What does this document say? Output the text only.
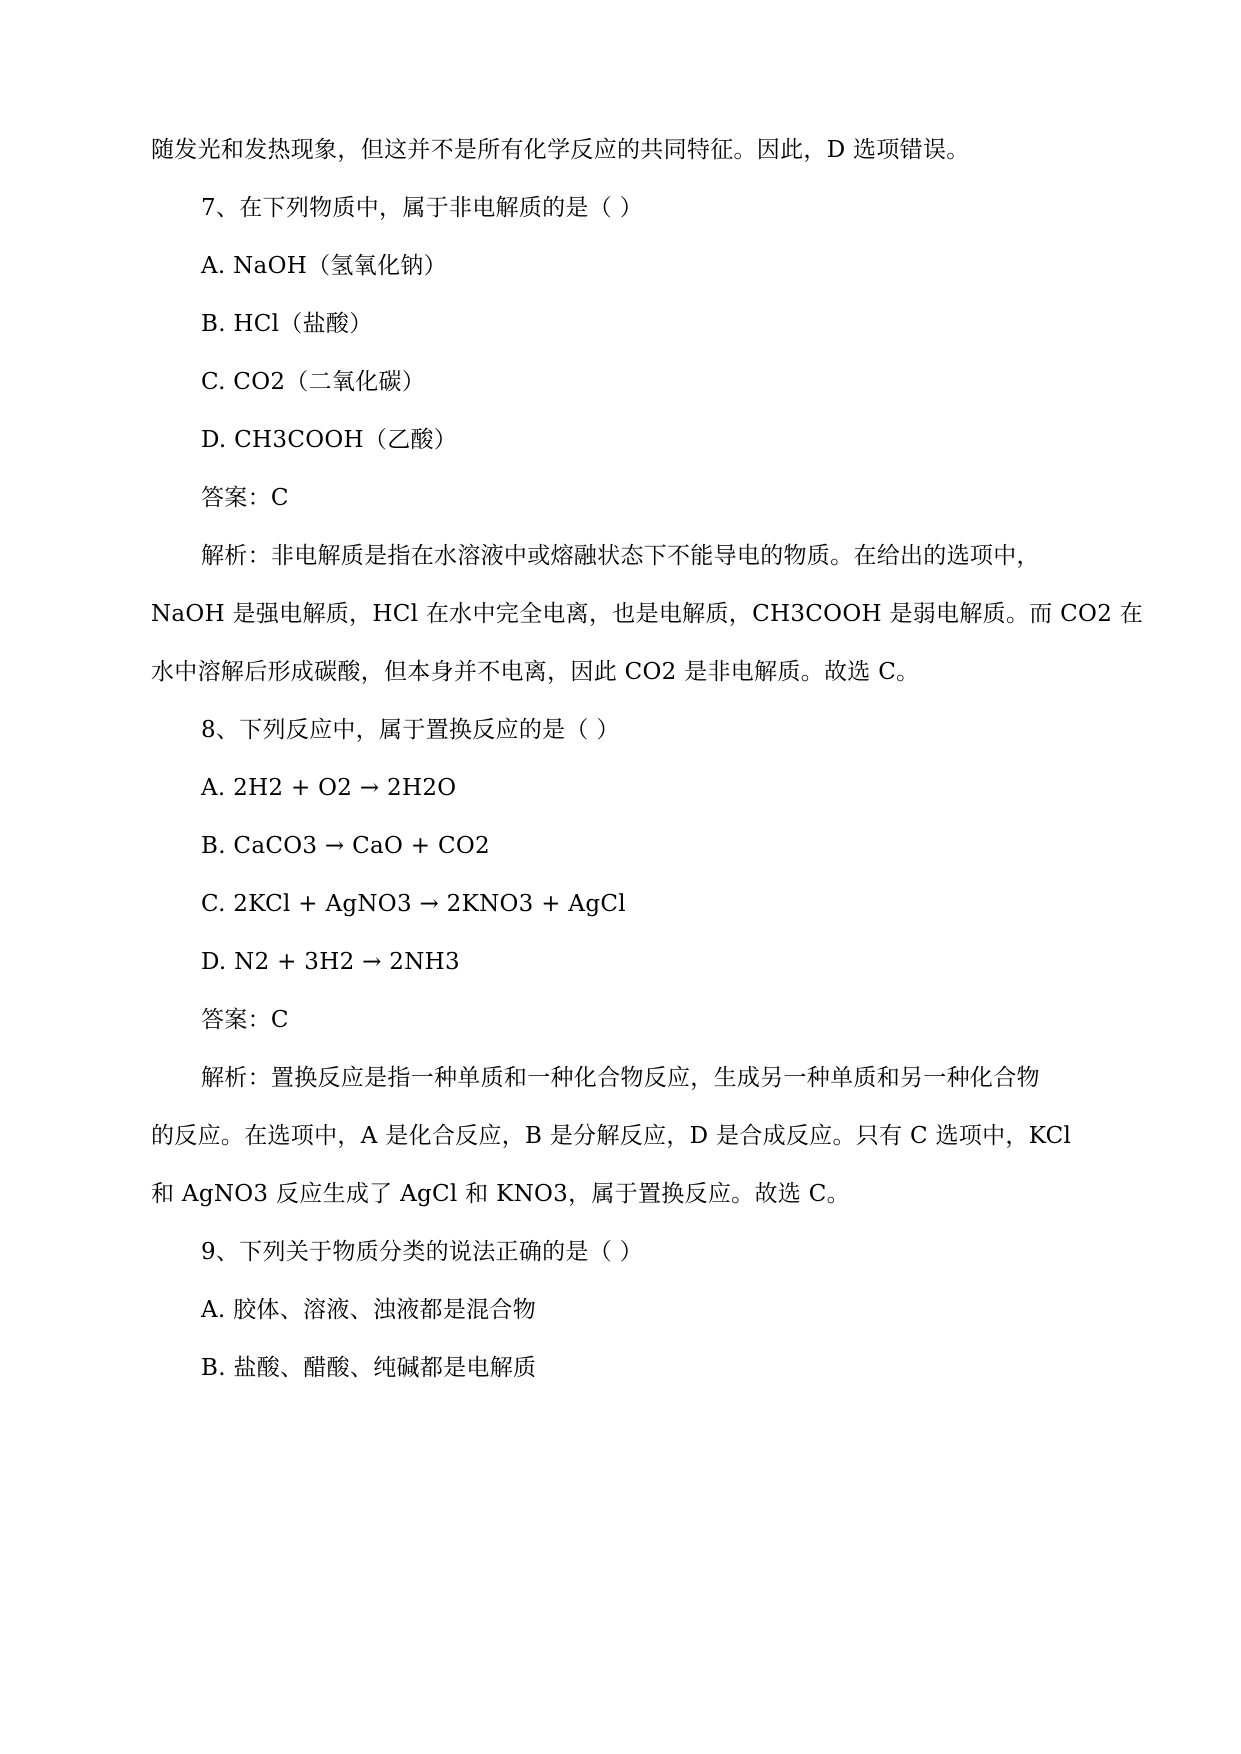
随发光和发热现象，但这并不是所有化学反应的共同特征。因此，D 选项错误。
7、在下列物质中，属于非电解质的是（ ）
A. NaOH（氢氧化钠）
B. HCl（盐酸）
C. CO2（二氧化碳）
D. CH3COOH（乙酸）
答案：C
解析：非电解质是指在水溶液中或熔融状态下不能导电的物质。在给出的选项中，
NaOH 是强电解质，HCl 在水中完全电离，也是电解质，CH3COOH 是弱电解质。而 CO2 在
水中溶解后形成碳酸，但本身并不电离，因此 CO2 是非电解质。故选 C。
8、下列反应中，属于置换反应的是（ ）
A. 2H2 + O2 → 2H2O
B. CaCO3 → CaO + CO2
C. 2KCl + AgNO3 → 2KNO3 + AgCl
D. N2 + 3H2 → 2NH3
答案：C
解析：置换反应是指一种单质和一种化合物反应，生成另一种单质和另一种化合物
的反应。在选项中，A 是化合反应，B 是分解反应，D 是合成反应。只有 C 选项中，KCl
和 AgNO3 反应生成了 AgCl 和 KNO3，属于置换反应。故选 C。
9、下列关于物质分类的说法正确的是（ ）
A. 胶体、溶液、浊液都是混合物
B. 盐酸、醋酸、纯碱都是电解质
